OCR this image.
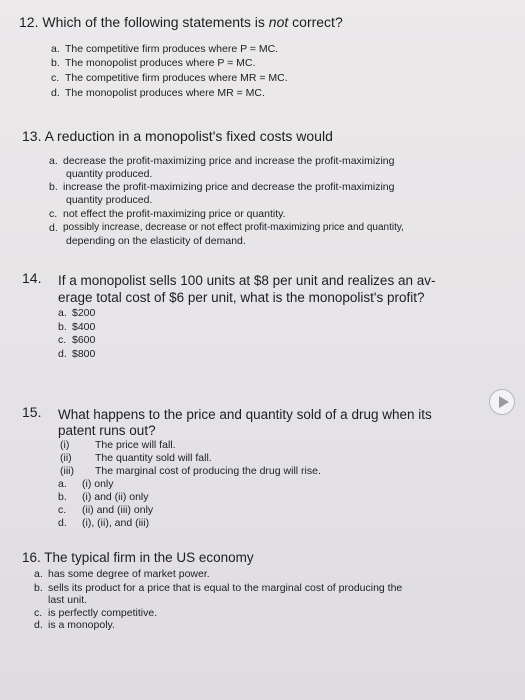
12. Which of the following statements is not correct?
a. The competitive firm produces where P = MC.
b. The monopolist produces where P = MC.
c. The competitive firm produces where MR = MC.
d. The monopolist produces where MR = MC.
13. A reduction in a monopolist's fixed costs would
a. decrease the profit-maximizing price and increase the profit-maximizing
quantity produced.
b. increase the profit-maximizing price and decrease the profit-maximizing
quantity produced.
c. not effect the profit-maximizing price or quantity.
d. possibly increase, decrease or not effect profit-maximizing price and quantity,
depending on the elasticity of demand.
14. If a monopolist sells 100 units at $8 per unit and realizes an av-
erage total cost of $6 per unit, what is the monopolist's profit?
a. $200
b. $400
c. $600
d. $800
15. What happens to the price and quantity sold of a drug when its
patent runs out?
(i) The price will fall.
(ii) The quantity sold will fall.
(iii) The marginal cost of producing the drug will rise.
a. (i) only
b. (i) and (ii) only
c. (ii) and (iii) only
d. (i), (ii), and (iii)
16. The typical firm in the US economy
a. has some degree of market power.
b. sells its product for a price that is equal to the marginal cost of producing the
last unit.
c. is perfectly competitive.
d. is a monopoly.
